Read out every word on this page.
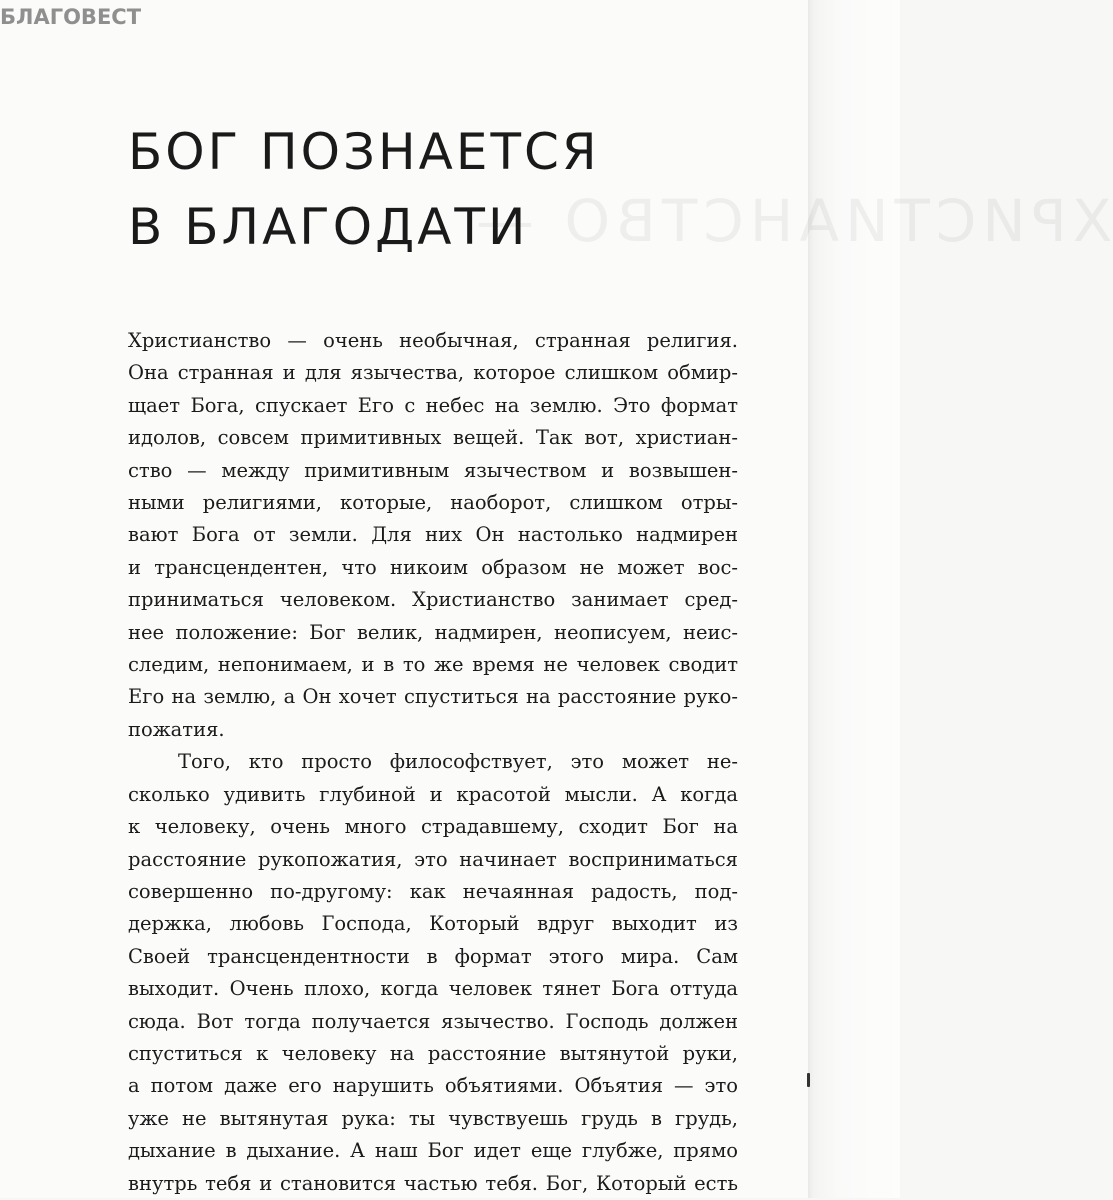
ХРИСТИАНСТВО —
БЛАГОВЕСТ
БОГ ПОЗНАЕТСЯ
В БЛАГОДАТИ
Христианство — очень необычная, странная религия.
Она странная и для язычества, которое слишком обмир-
щает Бога, спускает Его с небес на землю. Это формат
идолов, совсем примитивных вещей. Так вот, христиан-
ство — между примитивным язычеством и возвышен-
ными религиями, которые, наоборот, слишком отры-
вают Бога от земли. Для них Он настолько надмирен
и трансцендентен, что никоим образом не может вос-
приниматься человеком. Христианство занимает сред-
нее положение: Бог велик, надмирен, неописуем, неис-
следим, непонимаем, и в то же время не человек сводит
Его на землю, а Он хочет спуститься на расстояние руко-
пожатия.
Того, кто просто философствует, это может не-
сколько удивить глубиной и красотой мысли. А когда
к человеку, очень много страдавшему, сходит Бог на
расстояние рукопожатия, это начинает восприниматься
совершенно по-другому: как нечаянная радость, под-
держка, любовь Господа, Который вдруг выходит из
Своей трансцендентности в формат этого мира. Сам
выходит. Очень плохо, когда человек тянет Бога оттуда
сюда. Вот тогда получается язычество. Господь должен
спуститься к человеку на расстояние вытянутой руки,
а потом даже его нарушить объятиями. Объятия — это
уже не вытянутая рука: ты чувствуешь грудь в грудь,
дыхание в дыхание. А наш Бог идет еще глубже, прямо
внутрь тебя и становится частью тебя. Бог, Который есть
